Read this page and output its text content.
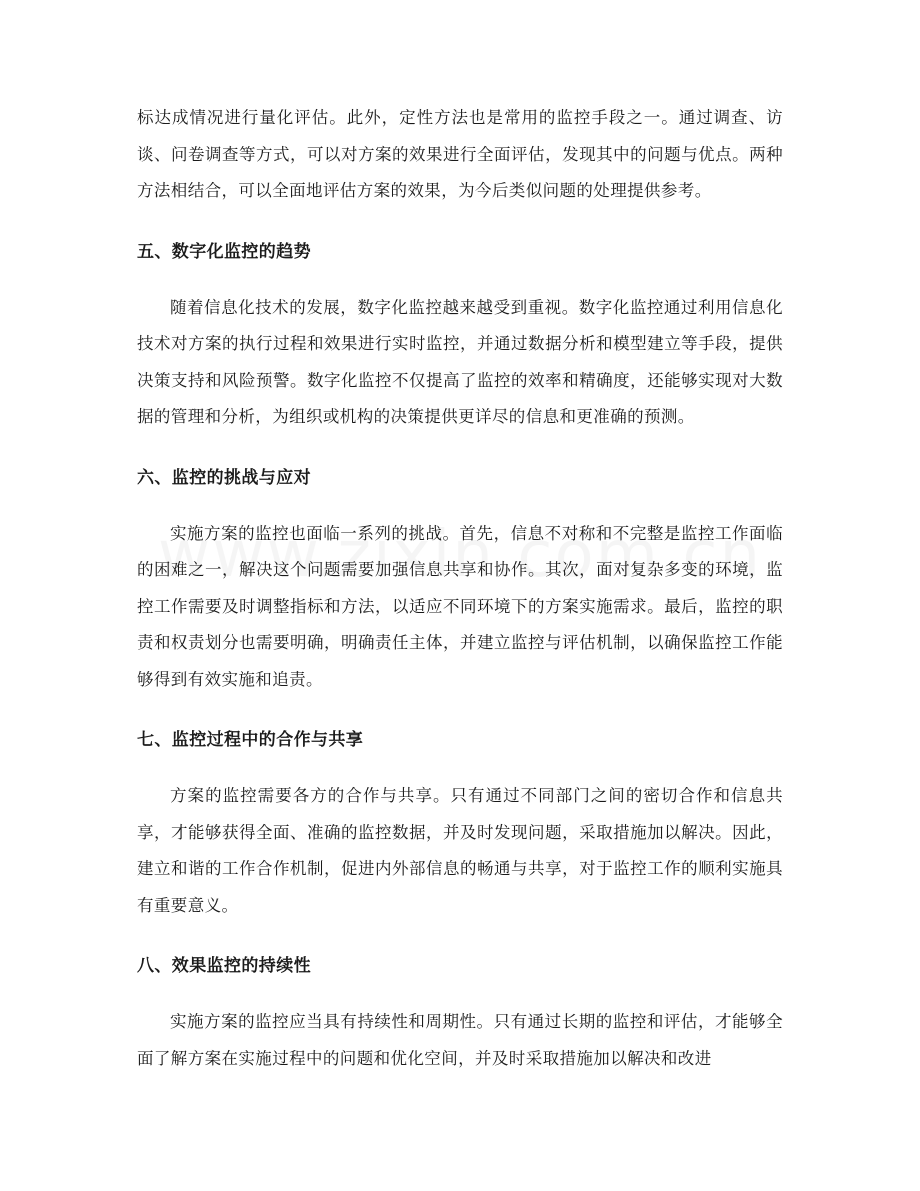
标达成情况进行量化评估。此外，定性方法也是常用的监控手段之一。通过调查、访谈、问卷调查等方式，可以对方案的效果进行全面评估，发现其中的问题与优点。两种方法相结合，可以全面地评估方案的效果，为今后类似问题的处理提供参考。

五、数字化监控的趋势

随着信息化技术的发展，数字化监控越来越受到重视。数字化监控通过利用信息化技术对方案的执行过程和效果进行实时监控，并通过数据分析和模型建立等手段，提供决策支持和风险预警。数字化监控不仅提高了监控的效率和精确度，还能够实现对大数据的管理和分析，为组织或机构的决策提供更详尽的信息和更准确的预测。

六、监控的挑战与应对

实施方案的监控也面临一系列的挑战。首先，信息不对称和不完整是监控工作面临的困难之一，解决这个问题需要加强信息共享和协作。其次，面对复杂多变的环境，监控工作需要及时调整指标和方法，以适应不同环境下的方案实施需求。最后，监控的职责和权责划分也需要明确，明确责任主体，并建立监控与评估机制，以确保监控工作能够得到有效实施和追责。

七、监控过程中的合作与共享

方案的监控需要各方的合作与共享。只有通过不同部门之间的密切合作和信息共享，才能够获得全面、准确的监控数据，并及时发现问题，采取措施加以解决。因此，建立和谐的工作合作机制，促进内外部信息的畅通与共享，对于监控工作的顺利实施具有重要意义。

八、效果监控的持续性

实施方案的监控应当具有持续性和周期性。只有通过长期的监控和评估，才能够全面了解方案在实施过程中的问题和优化空间，并及时采取措施加以解决和改进
